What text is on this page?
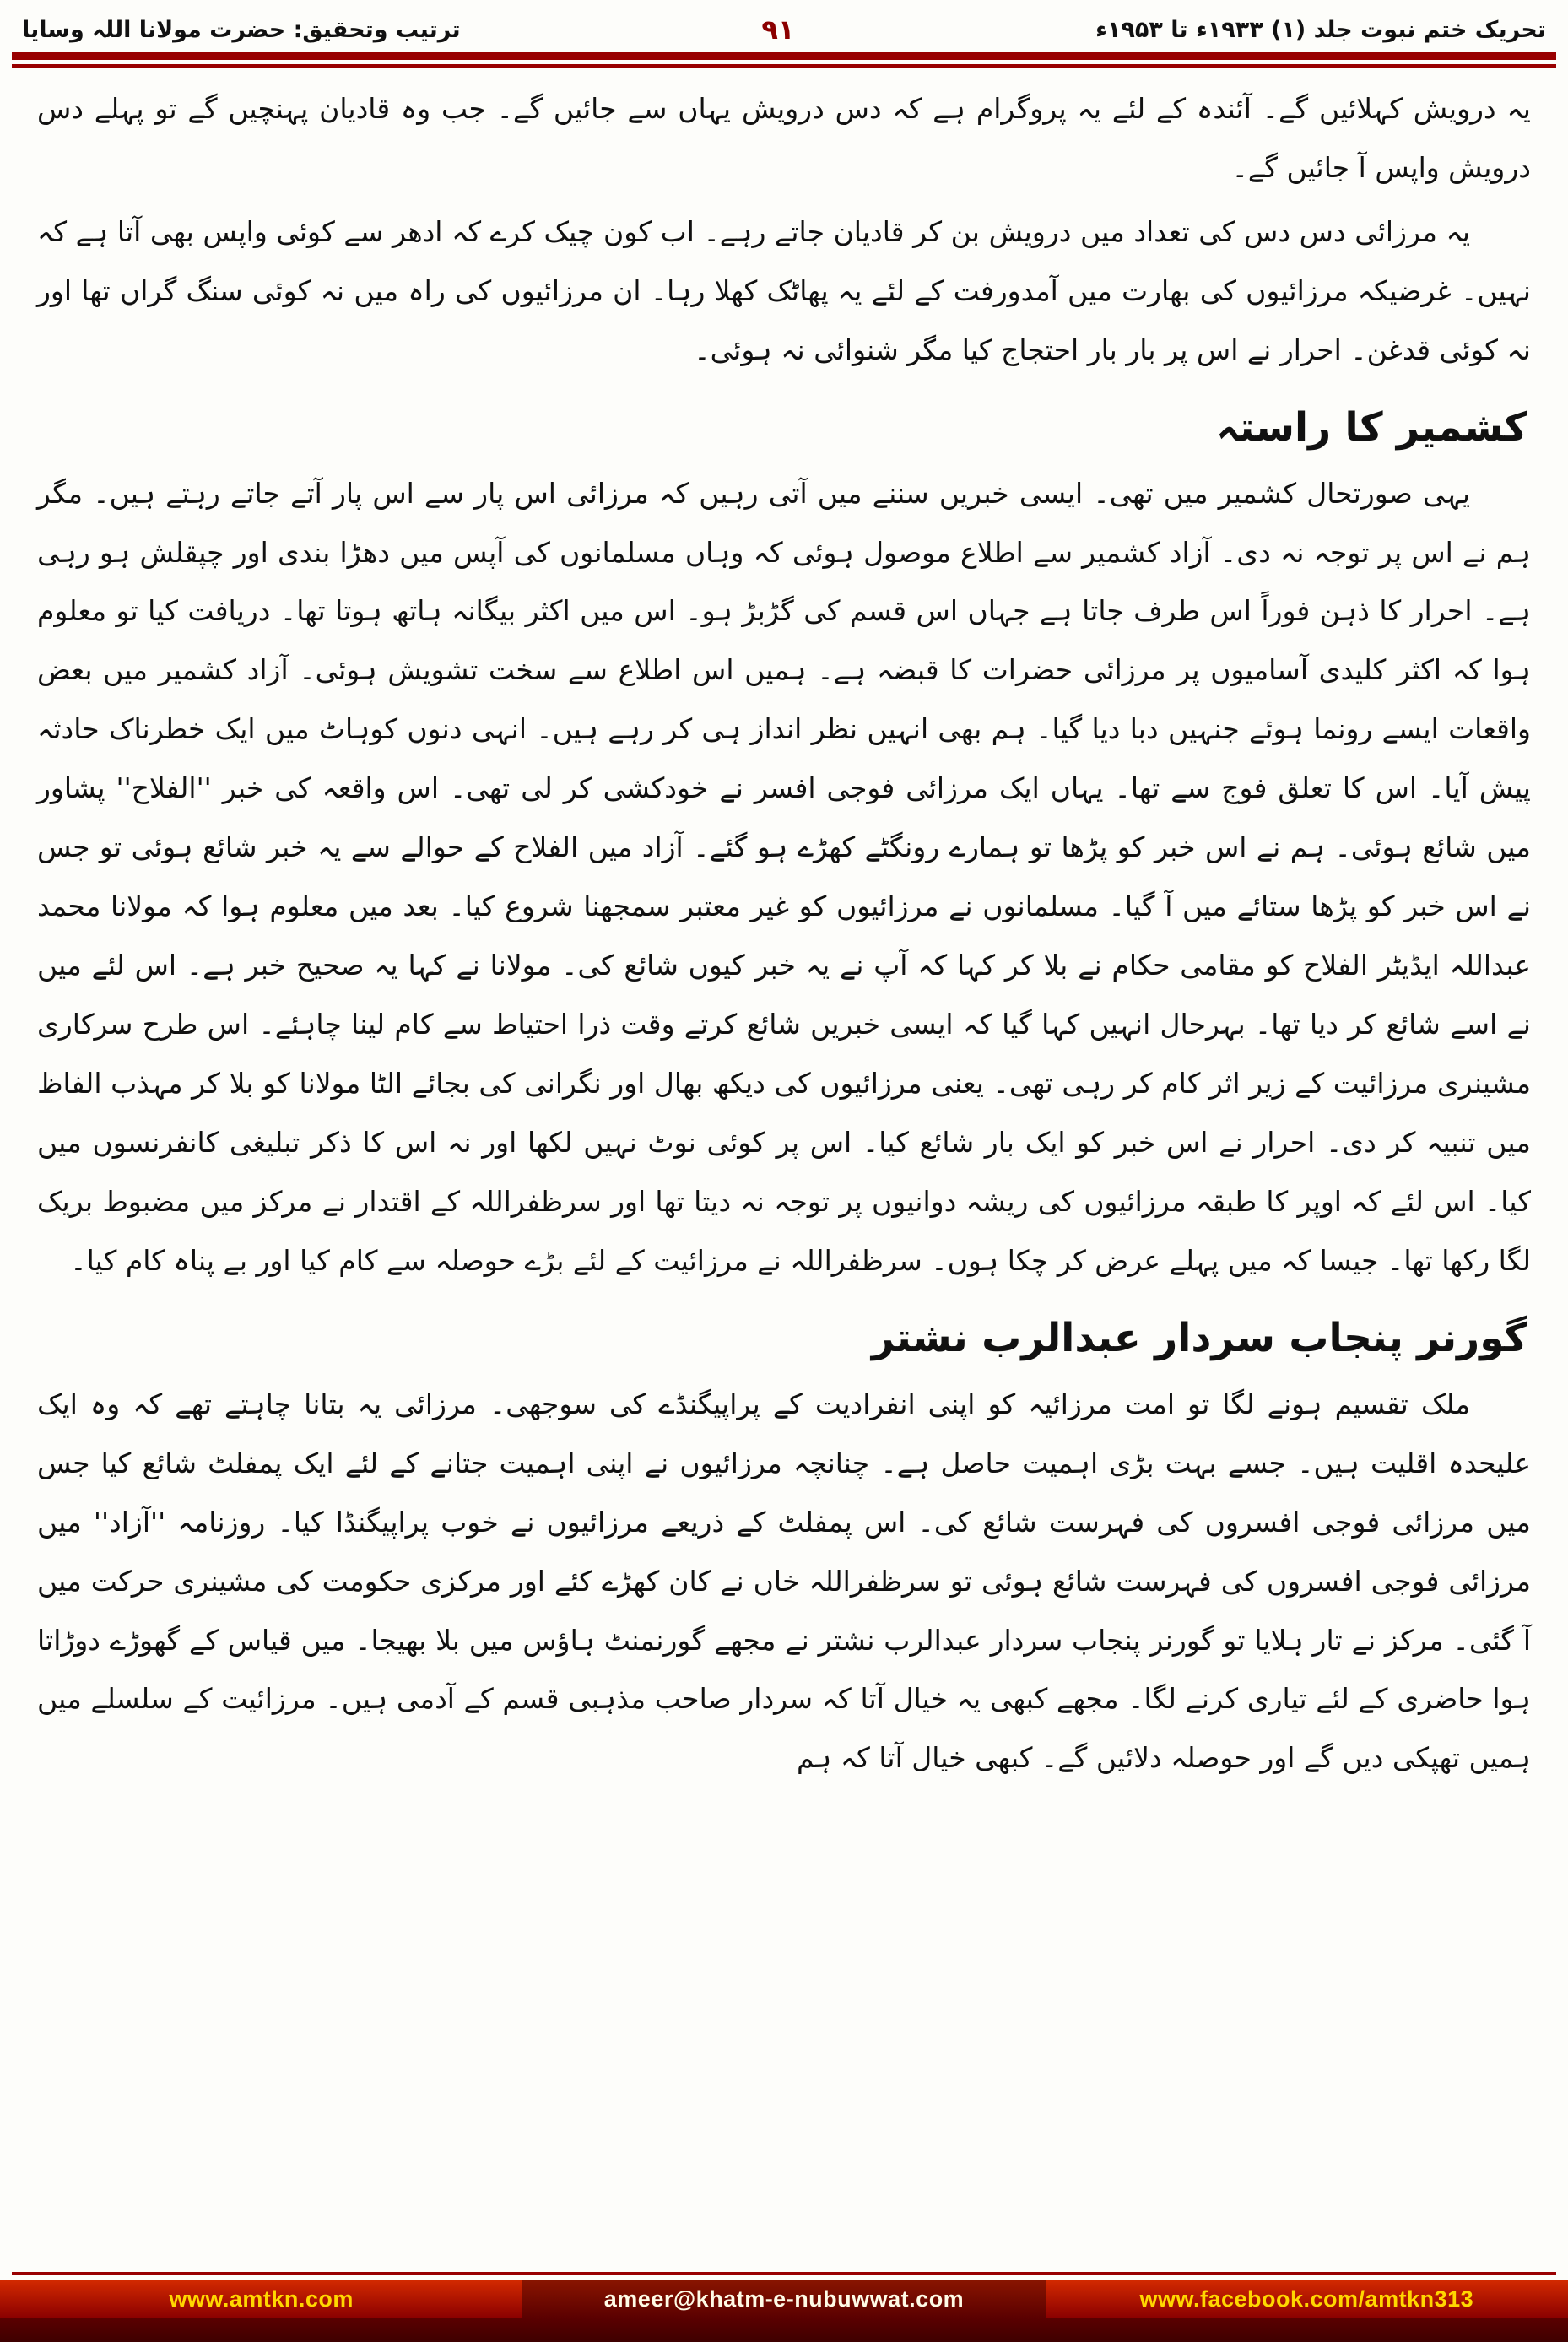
تحریک ختم نبوت جلد (۱) ۱۹۳۳ء تا ۱۹۵۳ء
۹۱
ترتیب وتحقیق: حضرت مولانا اللہ وسایا

یہ درویش کہلائیں گے۔ آئندہ کے لئے یہ پروگرام ہے کہ دس درویش یہاں سے جائیں گے۔ جب وہ قادیان پہنچیں گے تو پہلے دس درویش واپس آ جائیں گے۔

یہ مرزائی دس دس کی تعداد میں درویش بن کر قادیان جاتے رہے۔ اب کون چیک کرے کہ ادھر سے کوئی واپس بھی آتا ہے کہ نہیں۔ غرضیکہ مرزائیوں کی بھارت میں آمدورفت کے لئے یہ پھاٹک کھلا رہا۔ ان مرزائیوں کی راہ میں نہ کوئی سنگ گراں تھا اور نہ کوئی قدغن۔ احرار نے اس پر بار بار احتجاج کیا مگر شنوائی نہ ہوئی۔

کشمیر کا راستہ

یہی صورتحال کشمیر میں تھی۔ ایسی خبریں سننے میں آتی رہیں کہ مرزائی اس پار سے اس پار آتے جاتے رہتے ہیں۔ مگر ہم نے اس پر توجہ نہ دی۔ آزاد کشمیر سے اطلاع موصول ہوئی کہ وہاں مسلمانوں کی آپس میں دھڑا بندی اور چپقلش ہو رہی ہے۔ احرار کا ذہن فوراً اس طرف جاتا ہے جہاں اس قسم کی گڑبڑ ہو۔ اس میں اکثر بیگانہ ہاتھ ہوتا تھا۔ دریافت کیا تو معلوم ہوا کہ اکثر کلیدی آسامیوں پر مرزائی حضرات کا قبضہ ہے۔ ہمیں اس اطلاع سے سخت تشویش ہوئی۔ آزاد کشمیر میں بعض واقعات ایسے رونما ہوئے جنہیں دبا دیا گیا۔ ہم بھی انہیں نظر انداز ہی کر رہے ہیں۔ انہی دنوں کوہاٹ میں ایک خطرناک حادثہ پیش آیا۔ اس کا تعلق فوج سے تھا۔ یہاں ایک مرزائی فوجی افسر نے خودکشی کر لی تھی۔ اس واقعہ کی خبر ''الفلاح'' پشاور میں شائع ہوئی۔ ہم نے اس خبر کو پڑھا تو ہمارے رونگٹے کھڑے ہو گئے۔ آزاد میں الفلاح کے حوالے سے یہ خبر شائع ہوئی تو جس نے اس خبر کو پڑھا ستائے میں آ گیا۔ مسلمانوں نے مرزائیوں کو غیر معتبر سمجھنا شروع کیا۔ بعد میں معلوم ہوا کہ مولانا محمد عبداللہ ایڈیٹر الفلاح کو مقامی حکام نے بلا کر کہا کہ آپ نے یہ خبر کیوں شائع کی۔ مولانا نے کہا یہ صحیح خبر ہے۔ اس لئے میں نے اسے شائع کر دیا تھا۔ بہرحال انہیں کہا گیا کہ ایسی خبریں شائع کرتے وقت ذرا احتیاط سے کام لینا چاہئے۔ اس طرح سرکاری مشینری مرزائیت کے زیر اثر کام کر رہی تھی۔ یعنی مرزائیوں کی دیکھ بھال اور نگرانی کی بجائے الٹا مولانا کو بلا کر مہذب الفاظ میں تنبیہ کر دی۔ احرار نے اس خبر کو ایک بار شائع کیا۔ اس پر کوئی نوٹ نہیں لکھا اور نہ اس کا ذکر تبلیغی کانفرنسوں میں کیا۔ اس لئے کہ اوپر کا طبقہ مرزائیوں کی ریشہ دوانیوں پر توجہ نہ دیتا تھا اور سرظفراللہ کے اقتدار نے مرکز میں مضبوط بریک لگا رکھا تھا۔ جیسا کہ میں پہلے عرض کر چکا ہوں۔ سرظفراللہ نے مرزائیت کے لئے بڑے حوصلہ سے کام کیا اور بے پناہ کام کیا۔

گورنر پنجاب سردار عبدالرب نشتر

ملک تقسیم ہونے لگا تو امت مرزائیہ کو اپنی انفرادیت کے پراپیگنڈے کی سوجھی۔ مرزائی یہ بتانا چاہتے تھے کہ وہ ایک علیحدہ اقلیت ہیں۔ جسے بہت بڑی اہمیت حاصل ہے۔ چنانچہ مرزائیوں نے اپنی اہمیت جتانے کے لئے ایک پمفلٹ شائع کیا جس میں مرزائی فوجی افسروں کی فہرست شائع کی۔ اس پمفلٹ کے ذریعے مرزائیوں نے خوب پراپیگنڈا کیا۔ روزنامہ ''آزاد'' میں مرزائی فوجی افسروں کی فہرست شائع ہوئی تو سرظفراللہ خاں نے کان کھڑے کئے اور مرکزی حکومت کی مشینری حرکت میں آ گئی۔ مرکز نے تار ہلایا تو گورنر پنجاب سردار عبدالرب نشتر نے مجھے گورنمنٹ ہاؤس میں بلا بھیجا۔ میں قیاس کے گھوڑے دوڑاتا ہوا حاضری کے لئے تیاری کرنے لگا۔ مجھے کبھی یہ خیال آتا کہ سردار صاحب مذہبی قسم کے آدمی ہیں۔ مرزائیت کے سلسلے میں ہمیں تھپکی دیں گے اور حوصلہ دلائیں گے۔ کبھی خیال آتا کہ ہم

www.amtkn.com	ameer@khatm-e-nubuwwat.com	www.facebook.com/amtkn313
